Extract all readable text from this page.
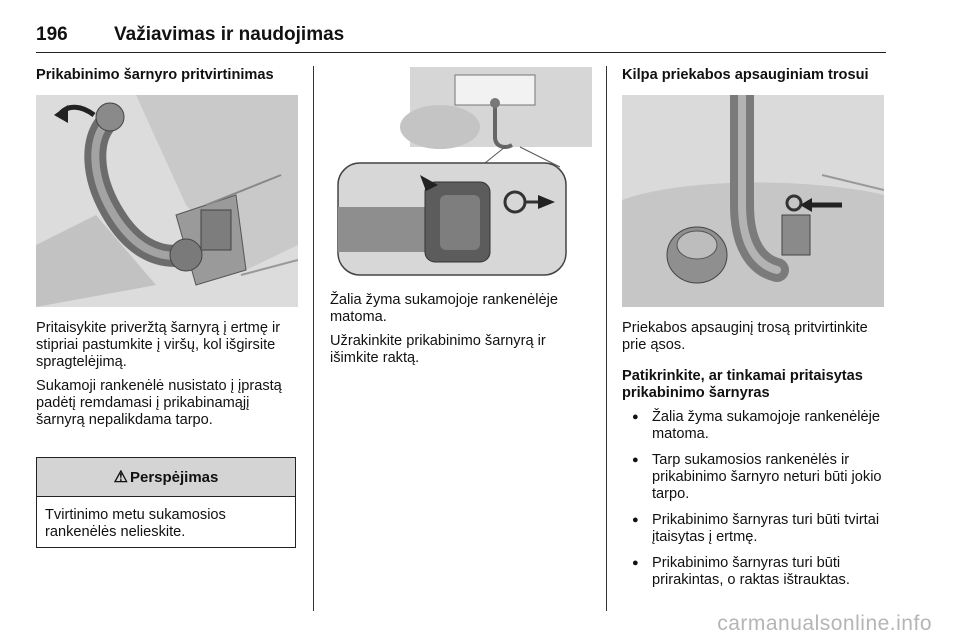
196 Važiavimas ir naudojimas

Prikabinimo šarnyro pritvirtinimas

Pritaisykite priveržtą šarnyrą į ertmę ir stipriai pastumkite į viršų, kol išgirsite spragtelėjimą.

Sukamoji rankenėlė nusistato į įprastą padėtį remdamasi į prikabinamąjį šarnyrą nepalikdama tarpo.

⚠ Perspėjimas
Tvirtinimo metu sukamosios rankenėlės nelieskite.

Žalia žyma sukamojoje rankenėlėje matoma.

Užrakinkite prikabinimo šarnyrą ir išimkite raktą.

Kilpa priekabos apsauginiam trosui

Priekabos apsauginį trosą pritvirtinkite prie ąsos.

Patikrinkite, ar tinkamai pritaisytas prikabinimo šarnyras

● Žalia žyma sukamojoje rankenėlėje matoma.
● Tarp sukamosios rankenėlės ir prikabinimo šarnyro neturi būti jokio tarpo.
● Prikabinimo šarnyras turi būti tvirtai įtaisytas į ertmę.
● Prikabinimo šarnyras turi būti prirakintas, o raktas ištrauktas.
carmanualsonline.info
